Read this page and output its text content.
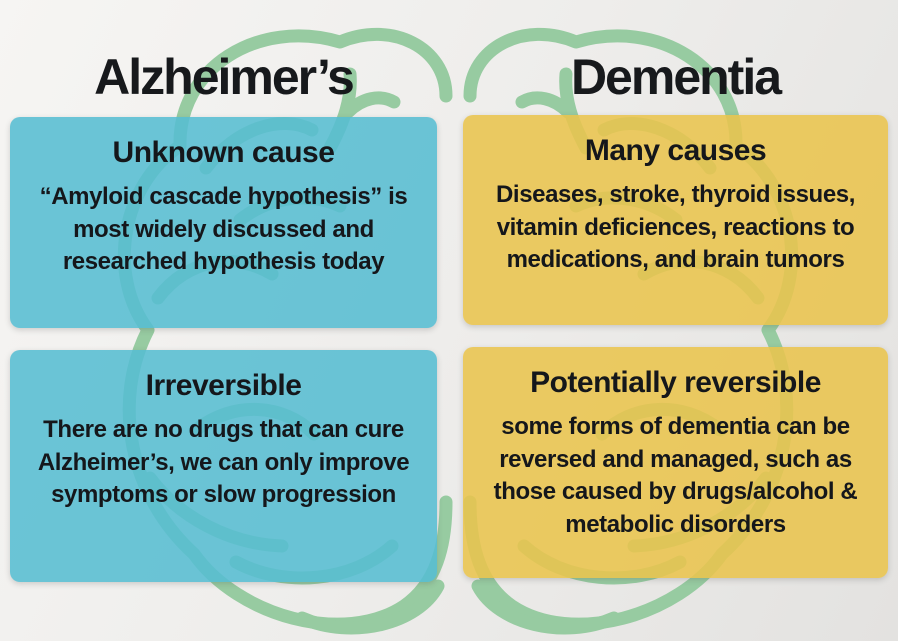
Alzheimer’s	Dementia
Unknown cause

“Amyloid cascade hypothesis” is most widely discussed and researched hypothesis today

Many causes

Diseases, stroke, thyroid issues, vitamin deficiences, reactions to medications, and brain tumors

Irreversible

There are no drugs that can cure Alzheimer’s, we can only improve symptoms or slow progression

Potentially reversible

some forms of dementia can be reversed and managed, such as those caused by drugs/alcohol & metabolic disorders
